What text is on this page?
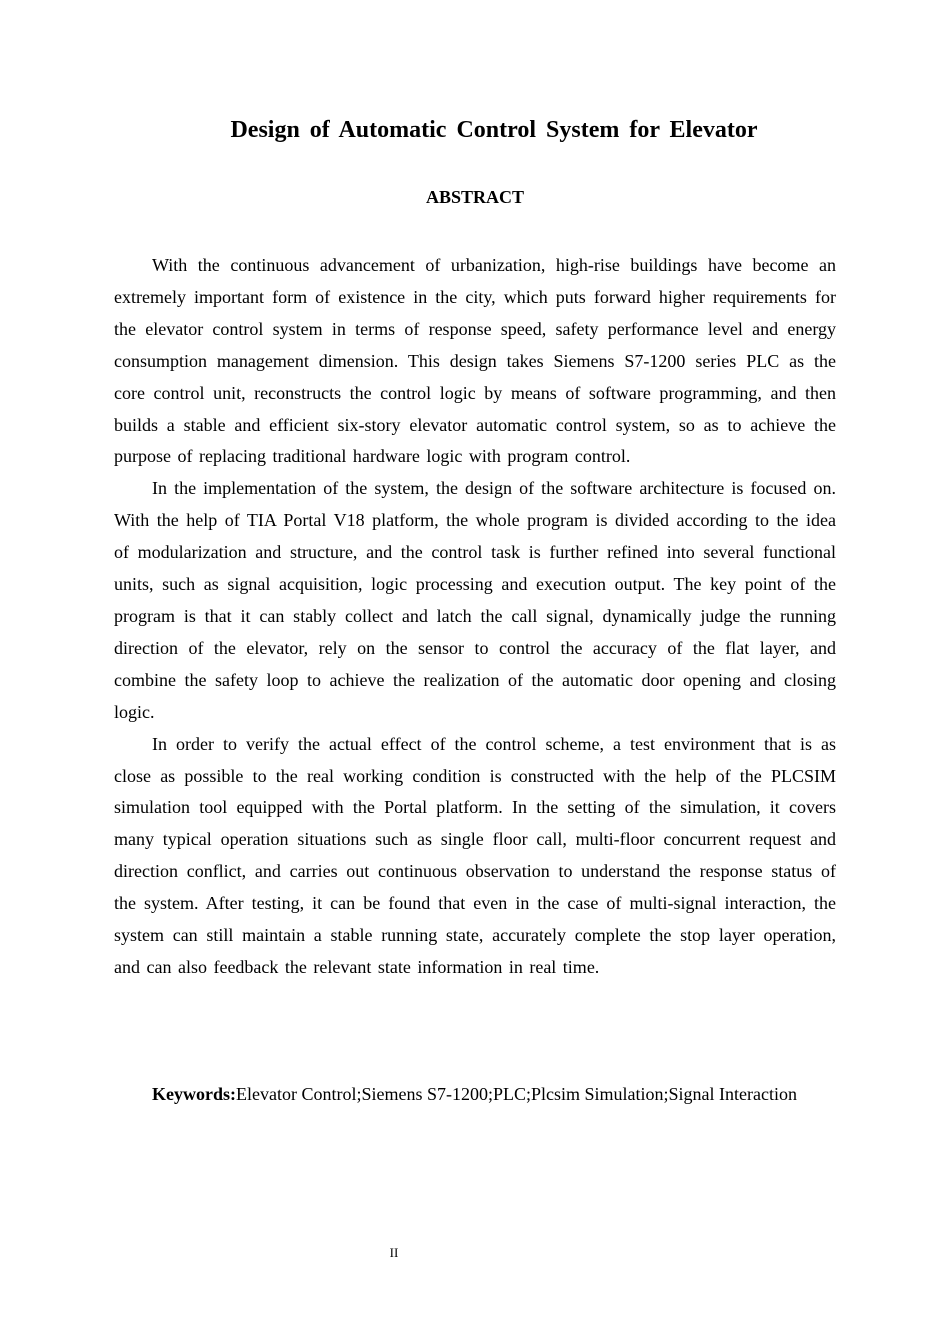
Design of Automatic Control System for Elevator
ABSTRACT

With the continuous advancement of urbanization, high-rise buildings have become an extremely important form of existence in the city, which puts forward higher requirements for the elevator control system in terms of response speed, safety performance level and energy consumption management dimension. This design takes Siemens S7-1200 series PLC as the core control unit, reconstructs the control logic by means of software programming, and then builds a stable and efficient six-story elevator automatic control system, so as to achieve the purpose of replacing traditional hardware logic with program control.

In the implementation of the system, the design of the software architecture is focused on. With the help of TIA Portal V18 platform, the whole program is divided according to the idea of modularization and structure, and the control task is further refined into several functional units, such as signal acquisition, logic processing and execution output. The key point of the program is that it can stably collect and latch the call signal, dynamically judge the running direction of the elevator, rely on the sensor to control the accuracy of the flat layer, and combine the safety loop to achieve the realization of the automatic door opening and closing logic.

In order to verify the actual effect of the control scheme, a test environment that is as close as possible to the real working condition is constructed with the help of the PLCSIM simulation tool equipped with the Portal platform. In the setting of the simulation, it covers many typical operation situations such as single floor call, multi-floor concurrent request and direction conflict, and carries out continuous observation to understand the response status of the system. After testing, it can be found that even in the case of multi-signal interaction, the system can still maintain a stable running state, accurately complete the stop layer operation, and can also feedback the relevant state information in real time.

Keywords:Elevator Control;Siemens S7-1200;PLC;Plcsim Simulation;Signal Interaction
II
